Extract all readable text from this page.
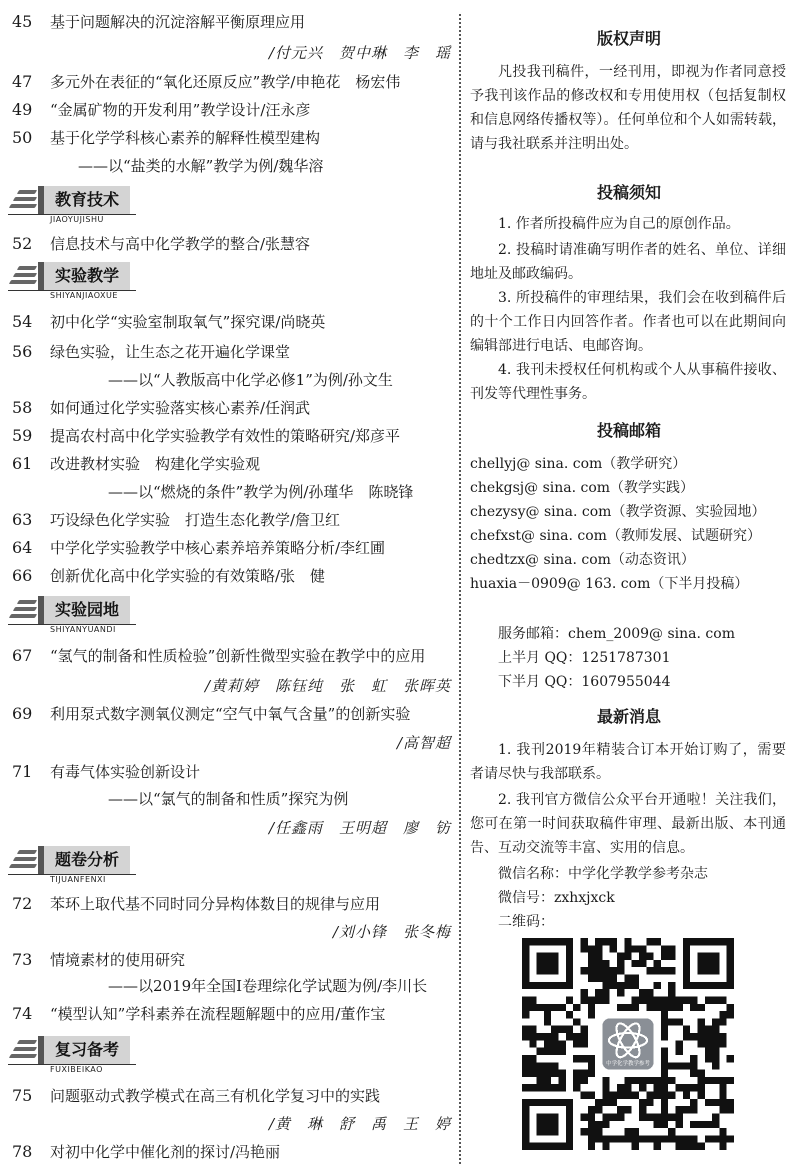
45	基于问题解决的沉淀溶解平衡原理应用
/付元兴　贺中琳　李　瑶
47	多元外在表征的“氧化还原反应”教学/申艳花　杨宏伟
49	“金属矿物的开发利用”教学设计/汪永彦
50	基于化学学科核心素养的解释性模型建构
——以“盐类的水解”教学为例/魏华溶
教育技术
JIAOYUJISHU
52	信息技术与高中化学教学的整合/张慧容
实验教学
SHIYANJIAOXUE
54	初中化学“实验室制取氧气”探究课/尚晓英
56	绿色实验，让生态之花开遍化学课堂
——以“人教版高中化学必修1”为例/孙文生
58	如何通过化学实验落实核心素养/任润武
59	提高农村高中化学实验教学有效性的策略研究/郑彦平
61	改进教材实验　构建化学实验观
——以“燃烧的条件”教学为例/孙瑾华　陈晓锋
63	巧设绿色化学实验　打造生态化教学/詹卫红
64	中学化学实验教学中核心素养培养策略分析/李红圃
66	创新优化高中化学实验的有效策略/张　健
实验园地
SHIYANYUANDI
67	“氢气的制备和性质检验”创新性微型实验在教学中的应用
/黄莉婷　陈钰纯　张　虹　张晖英
69	利用泵式数字测氧仪测定“空气中氧气含量”的创新实验
/高智超
71	有毒气体实验创新设计
——以“氯气的制备和性质”探究为例
/任鑫雨　王明超　廖　钫
题卷分析
TIJUANFENXI
72	苯环上取代基不同时同分异构体数目的规律与应用
/刘小锋　张冬梅
73	情境素材的使用研究
——以2019年全国Ⅰ卷理综化学试题为例/李川长
74	“模型认知”学科素养在流程题解题中的应用/董作宝
复习备考
FUXIBEIKAO
75	问题驱动式教学模式在高三有机化学复习中的实践
/黄　琳　舒　禹　王　婷
78	对初中化学中催化剂的探讨/冯艳丽
版权声明
凡投我刊稿件，一经刊用，即视为作者同意授予我刊该作品的修改权和专用使用权（包括复制权和信息网络传播权等）。任何单位和个人如需转载，请与我社联系并注明出处。
投稿须知
1. 作者所投稿件应为自己的原创作品。
2. 投稿时请准确写明作者的姓名、单位、详细地址及邮政编码。
3. 所投稿件的审理结果，我们会在收到稿件后的十个工作日内回答作者。作者也可以在此期间向编辑部进行电话、电邮咨询。
4. 我刊未授权任何机构或个人从事稿件接收、刊发等代理性事务。
投稿邮箱
chellyj@ sina. com（教学研究）
chekgsj@ sina. com（教学实践）
chezysy@ sina. com（教学资源、实验园地）
chefxst@ sina. com（教师发展、试题研究）
chedtzx@ sina. com（动态资讯）
huaxia－0909@ 163. com（下半月投稿）
服务邮箱：chem_2009@ sina. com
上半月 QQ：1251787301
下半月 QQ：1607955044
最新消息
1. 我刊2019年精装合订本开始订购了，需要者请尽快与我部联系。
2. 我刊官方微信公众平台开通啦！关注我们，您可在第一时间获取稿件审理、最新出版、本刊通告、互动交流等丰富、实用的信息。
微信名称：中学化学教学参考杂志
微信号：zxhxjxck
二维码：
